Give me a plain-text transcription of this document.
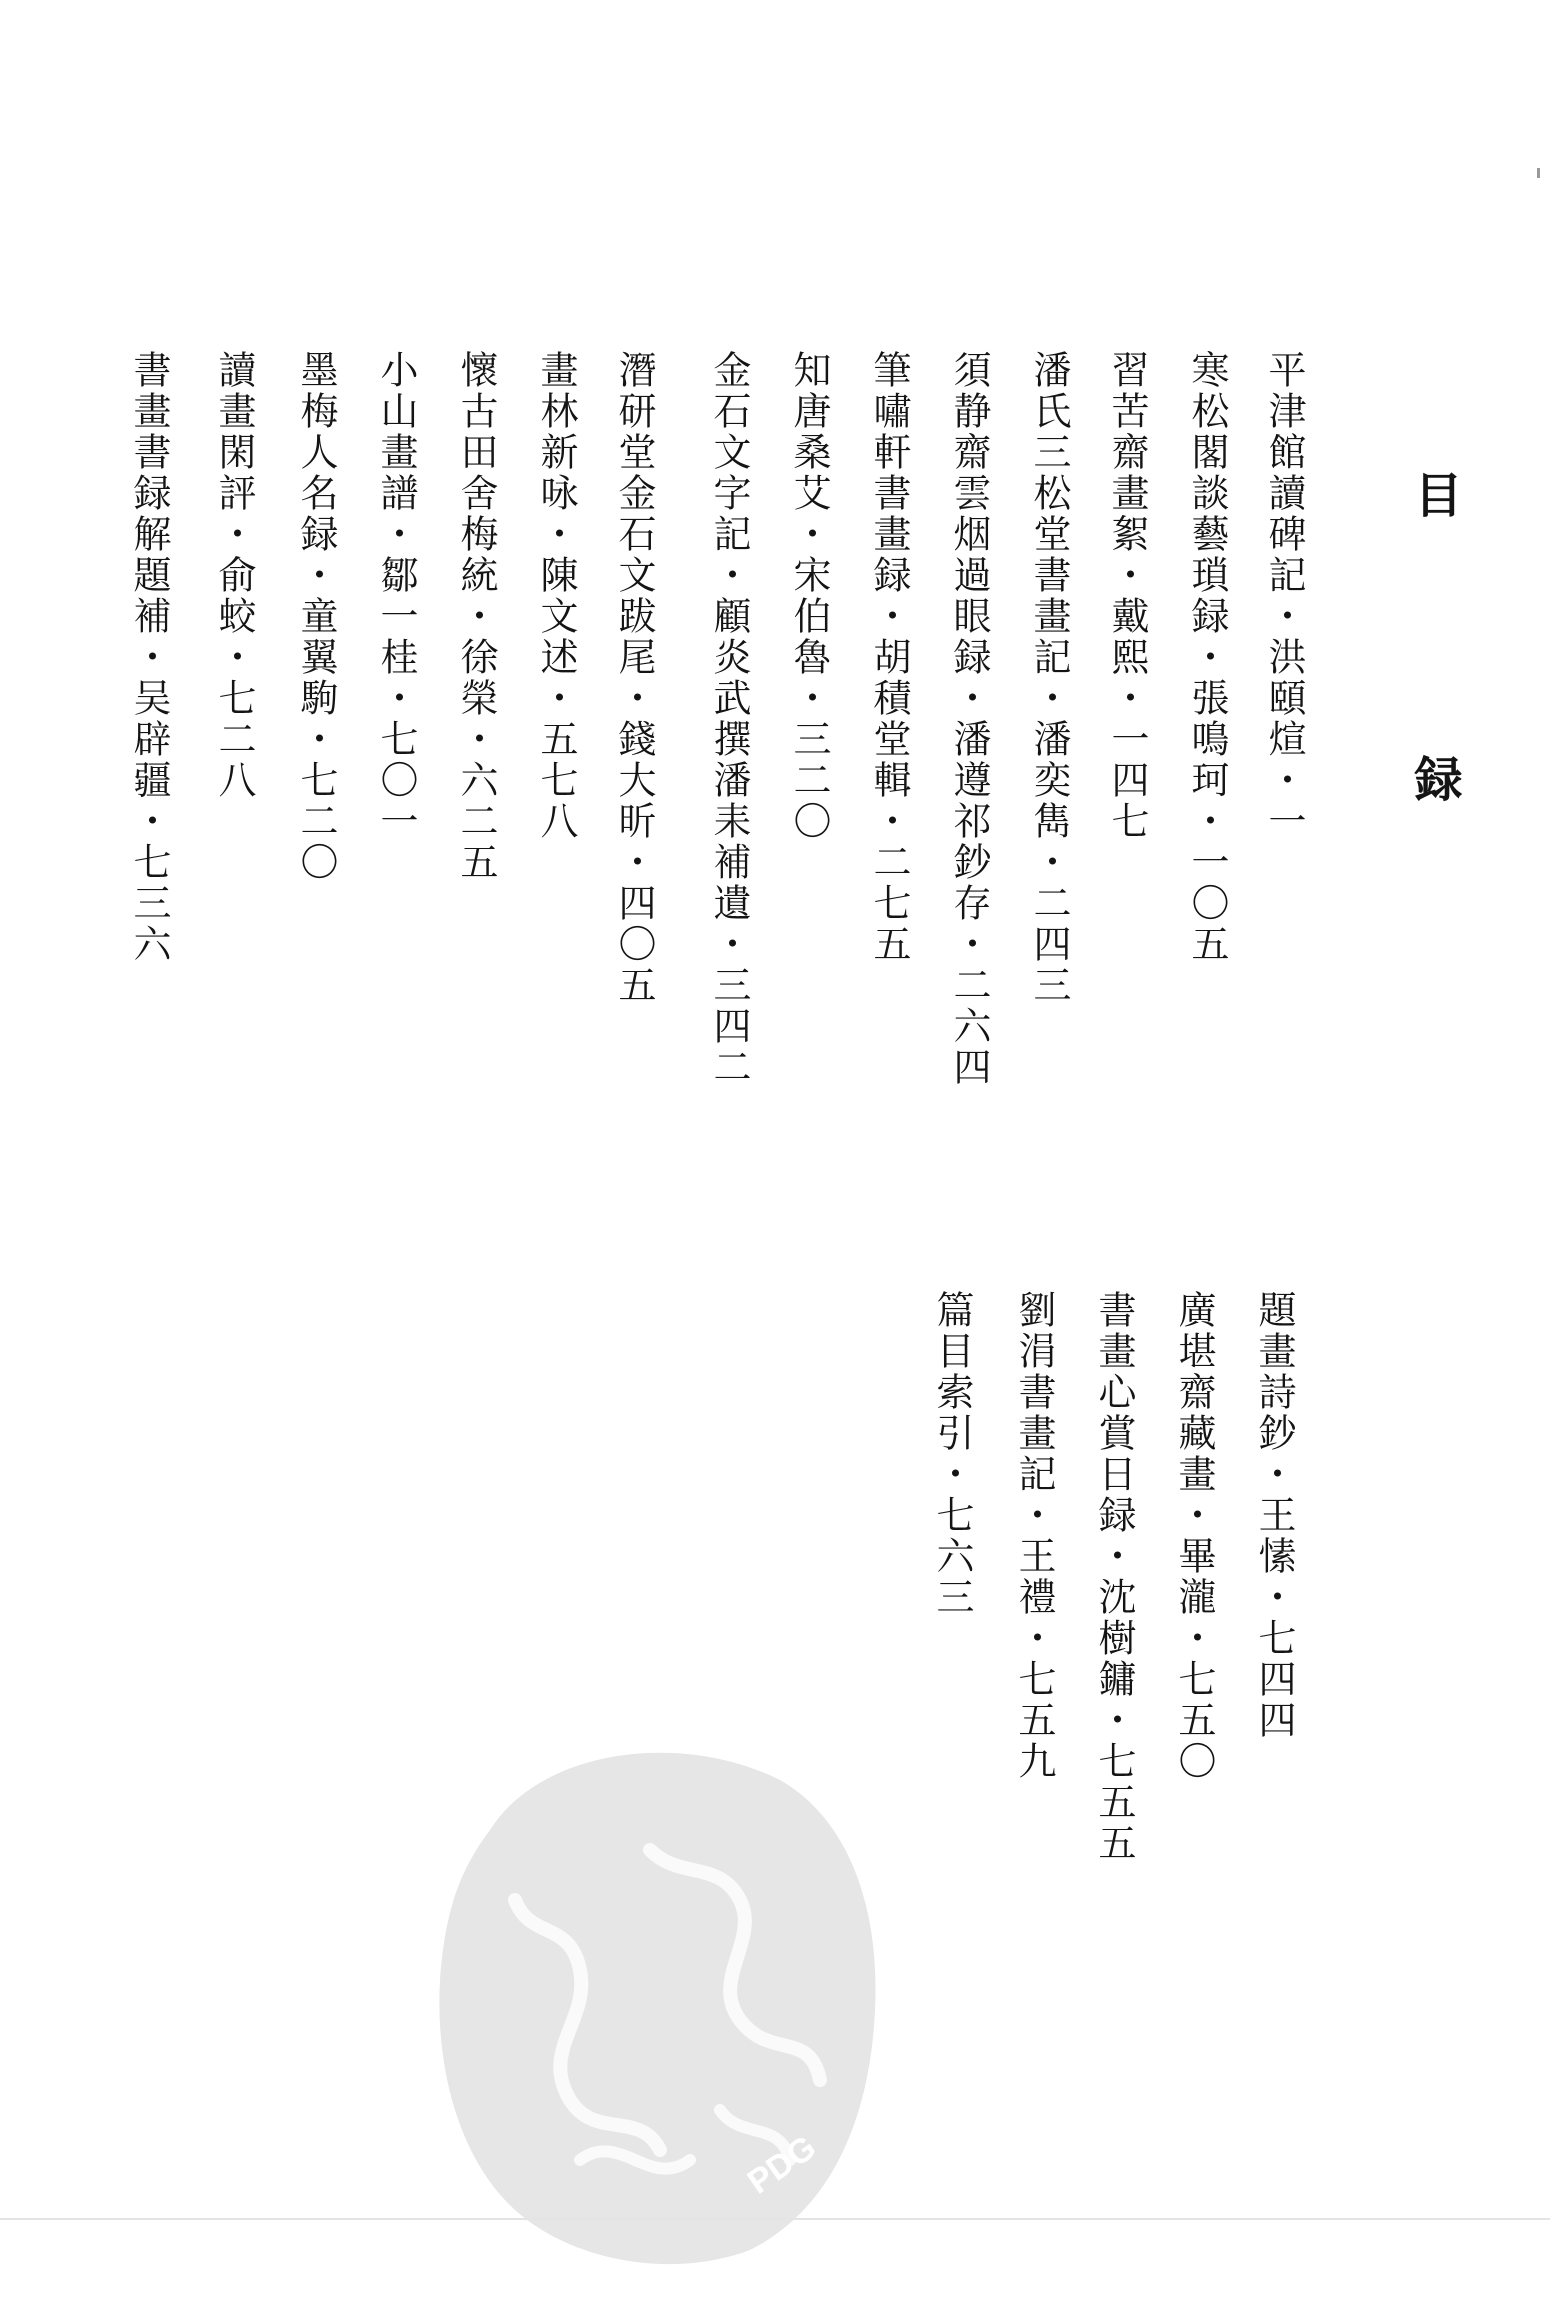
目 録

平津館讀碑記・洪頤煊・一

寒松閣談藝瑣録・張鳴珂・一〇五

習苦齋畫絮・戴熙・一四七

潘氏三松堂書畫記・潘奕雋・二四三

須静齋雲烟過眼録・潘遵祁鈔存・二六四

筆嘯軒書畫録・胡積堂輯・二七五

知唐桑艾・宋伯魯・三二〇

金石文字記・顧炎武撰潘耒補遺・三四二

潛研堂金石文跋尾・錢大昕・四〇五

畫林新咏・陳文述・五七八

懷古田舍梅統・徐榮・六二五

小山畫譜・鄒一桂・七〇一

墨梅人名録・童翼駒・七二〇

讀畫閑評・俞蛟・七二八

書畫書録解題補・吴辟疆・七三六

題畫詩鈔・王愫・七四四

廣堪齋藏畫・畢瀧・七五〇

書畫心賞日録・沈樹鏞・七五五

劉涓書畫記・王禮・七五九

篇目索引・七六三

PDG
